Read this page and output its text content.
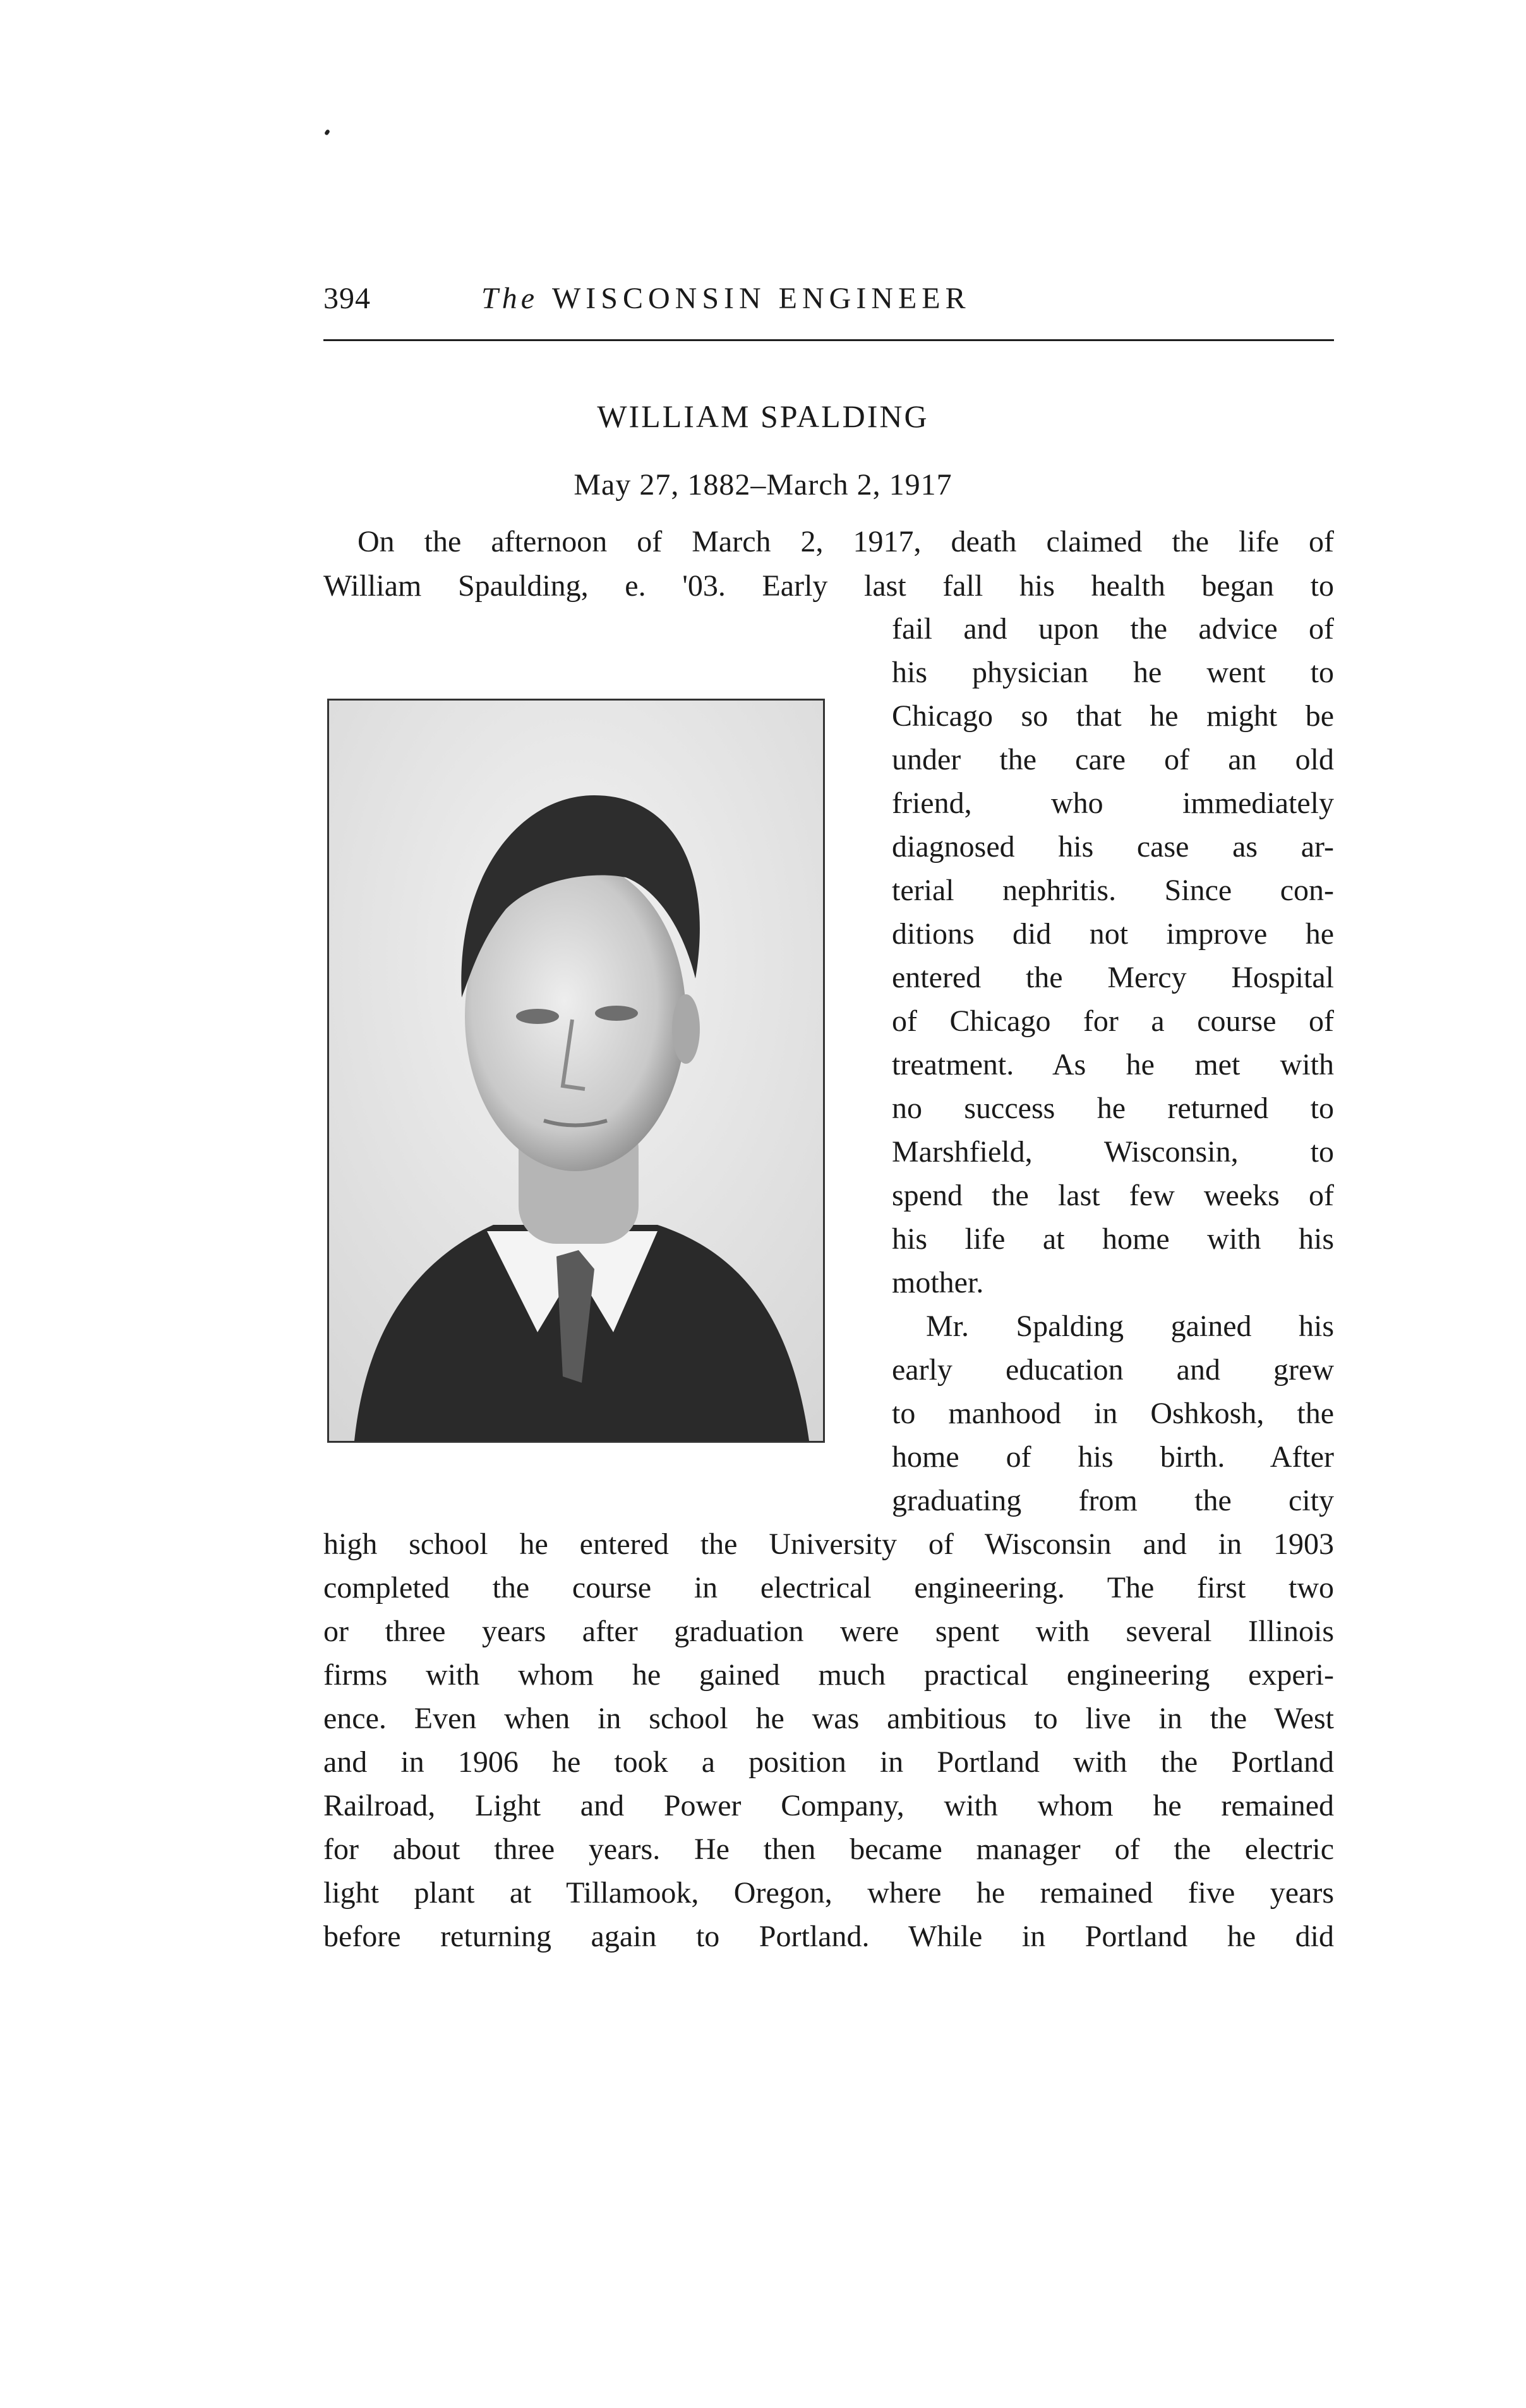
394	The WISCONSIN ENGINEER
WILLIAM SPALDING
May 27, 1882–March 2, 1917
On the afternoon of March 2, 1917, death claimed the life of
William Spaulding, e. '03. Early last fall his health began to
fail and upon the advice of
his physician he went to
Chicago so that he might be
under the care of an old
friend, who immediately
diagnosed his case as ar-
terial nephritis. Since con-
ditions did not improve he
entered the Mercy Hospital
of Chicago for a course of
treatment. As he met with
no success he returned to
Marshfield, Wisconsin, to
spend the last few weeks of
his life at home with his
mother.
Mr. Spalding gained his
early education and grew
to manhood in Oshkosh, the
home of his birth. After
graduating from the city
high school he entered the University of Wisconsin and in 1903
completed the course in electrical engineering. The first two
or three years after graduation were spent with several Illinois
firms with whom he gained much practical engineering experi-
ence. Even when in school he was ambitious to live in the West
and in 1906 he took a position in Portland with the Portland
Railroad, Light and Power Company, with whom he remained
for about three years. He then became manager of the electric
light plant at Tillamook, Oregon, where he remained five years
before returning again to Portland. While in Portland he did
